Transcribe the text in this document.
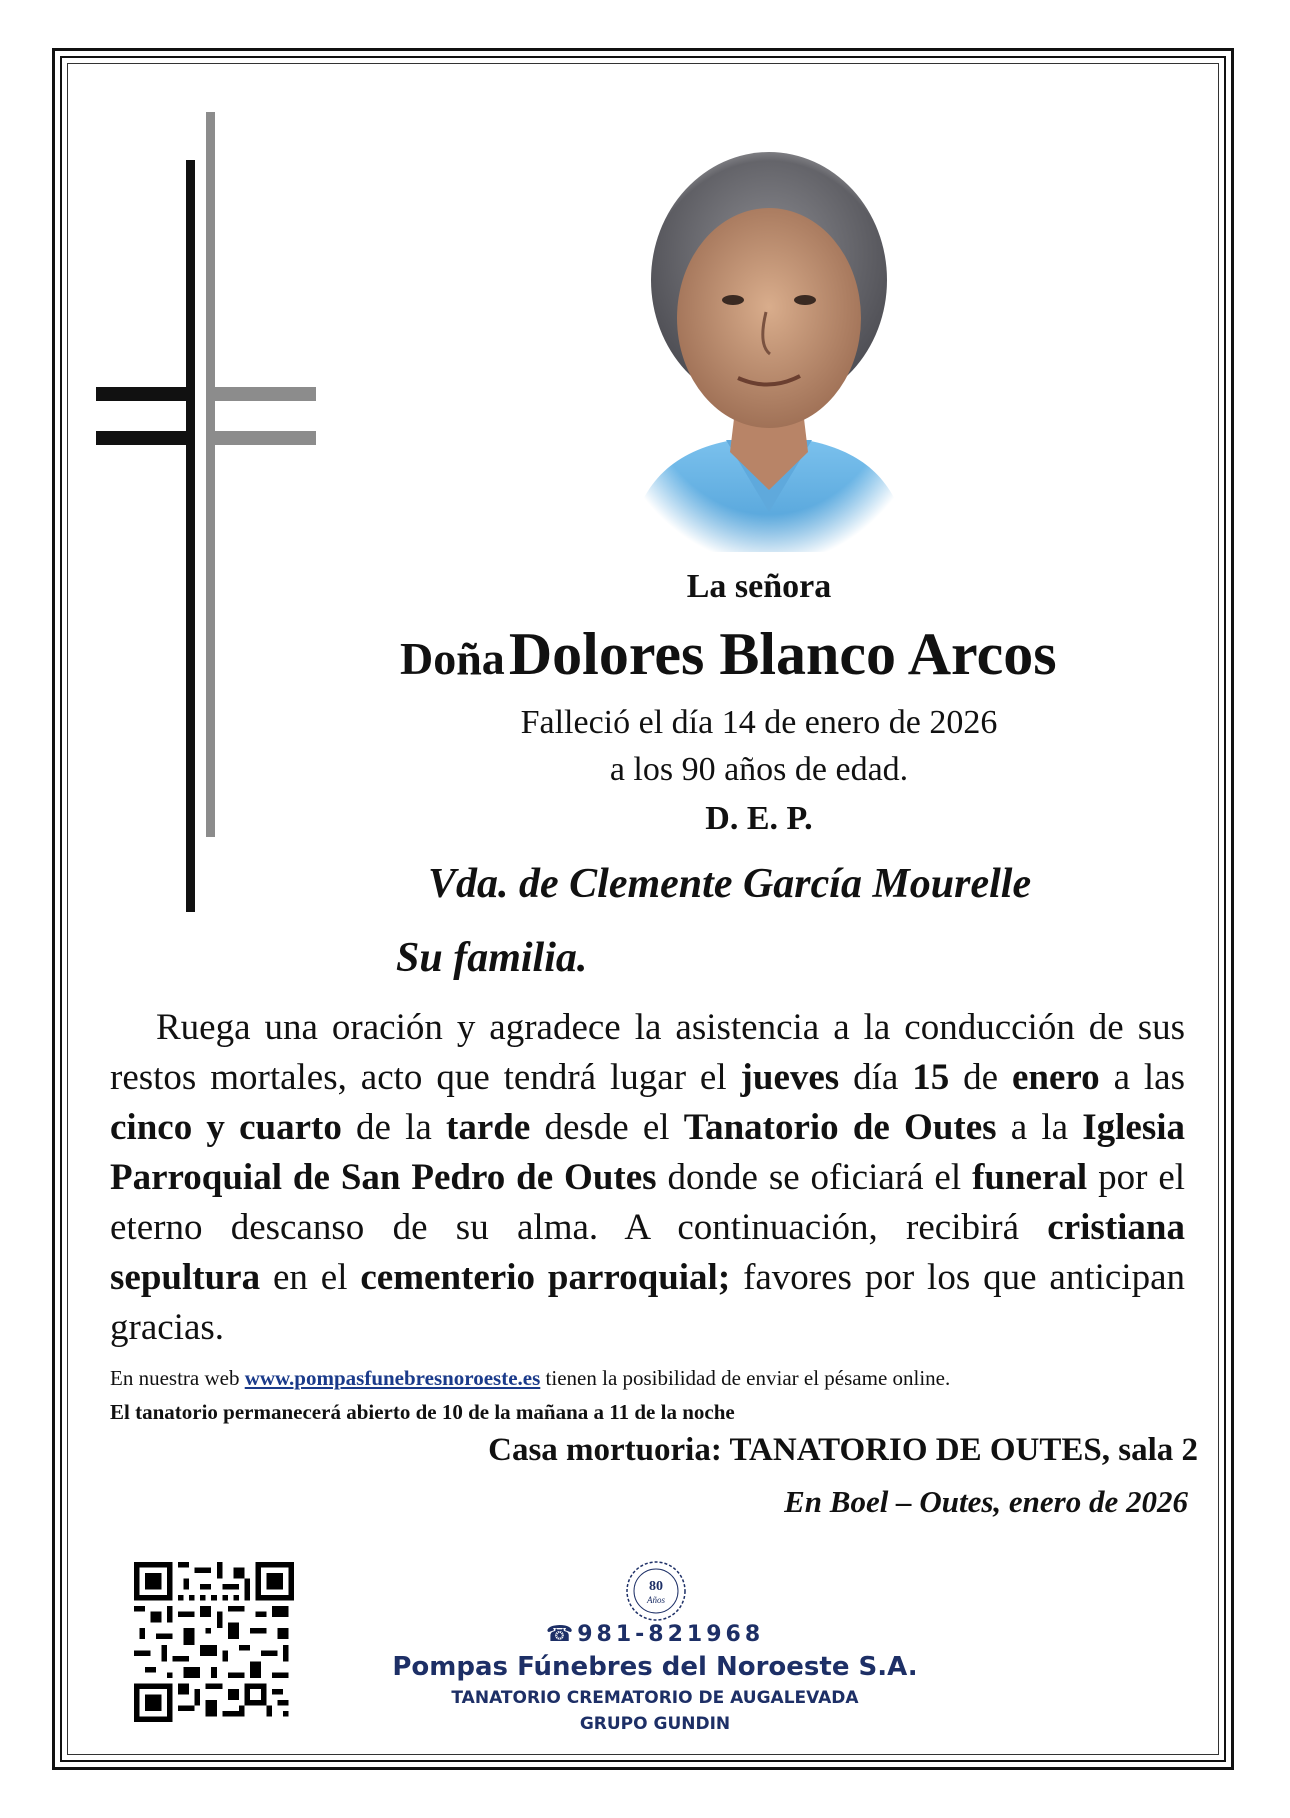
La señora
Doña Dolores Blanco Arcos
Falleció el día 14 de enero de 2026
a los 90 años de edad.
D. E. P.
Vda. de Clemente García Mourelle
Su familia.
Ruega una oración y agradece la asistencia a la conducción de sus restos mortales, acto que tendrá lugar el jueves día 15 de enero a las cinco y cuarto de la tarde desde el Tanatorio de Outes a la Iglesia Parroquial de San Pedro de Outes donde se oficiará el funeral por el eterno descanso de su alma. A continuación, recibirá cristiana sepultura en el cementerio parroquial; favores por los que anticipan gracias.
En nuestra web www.pompasfunebresnoroeste.es tienen la posibilidad de enviar el pésame online.
El tanatorio permanecerá abierto de 10 de la mañana a 11 de la noche
Casa mortuoria: TANATORIO DE OUTES, sala 2
En Boel – Outes, enero de 2026
80
Años
☎981-821968
Pompas Fúnebres del Noroeste S.A.
TANATORIO CREMATORIO DE AUGALEVADA
GRUPO GUNDIN
